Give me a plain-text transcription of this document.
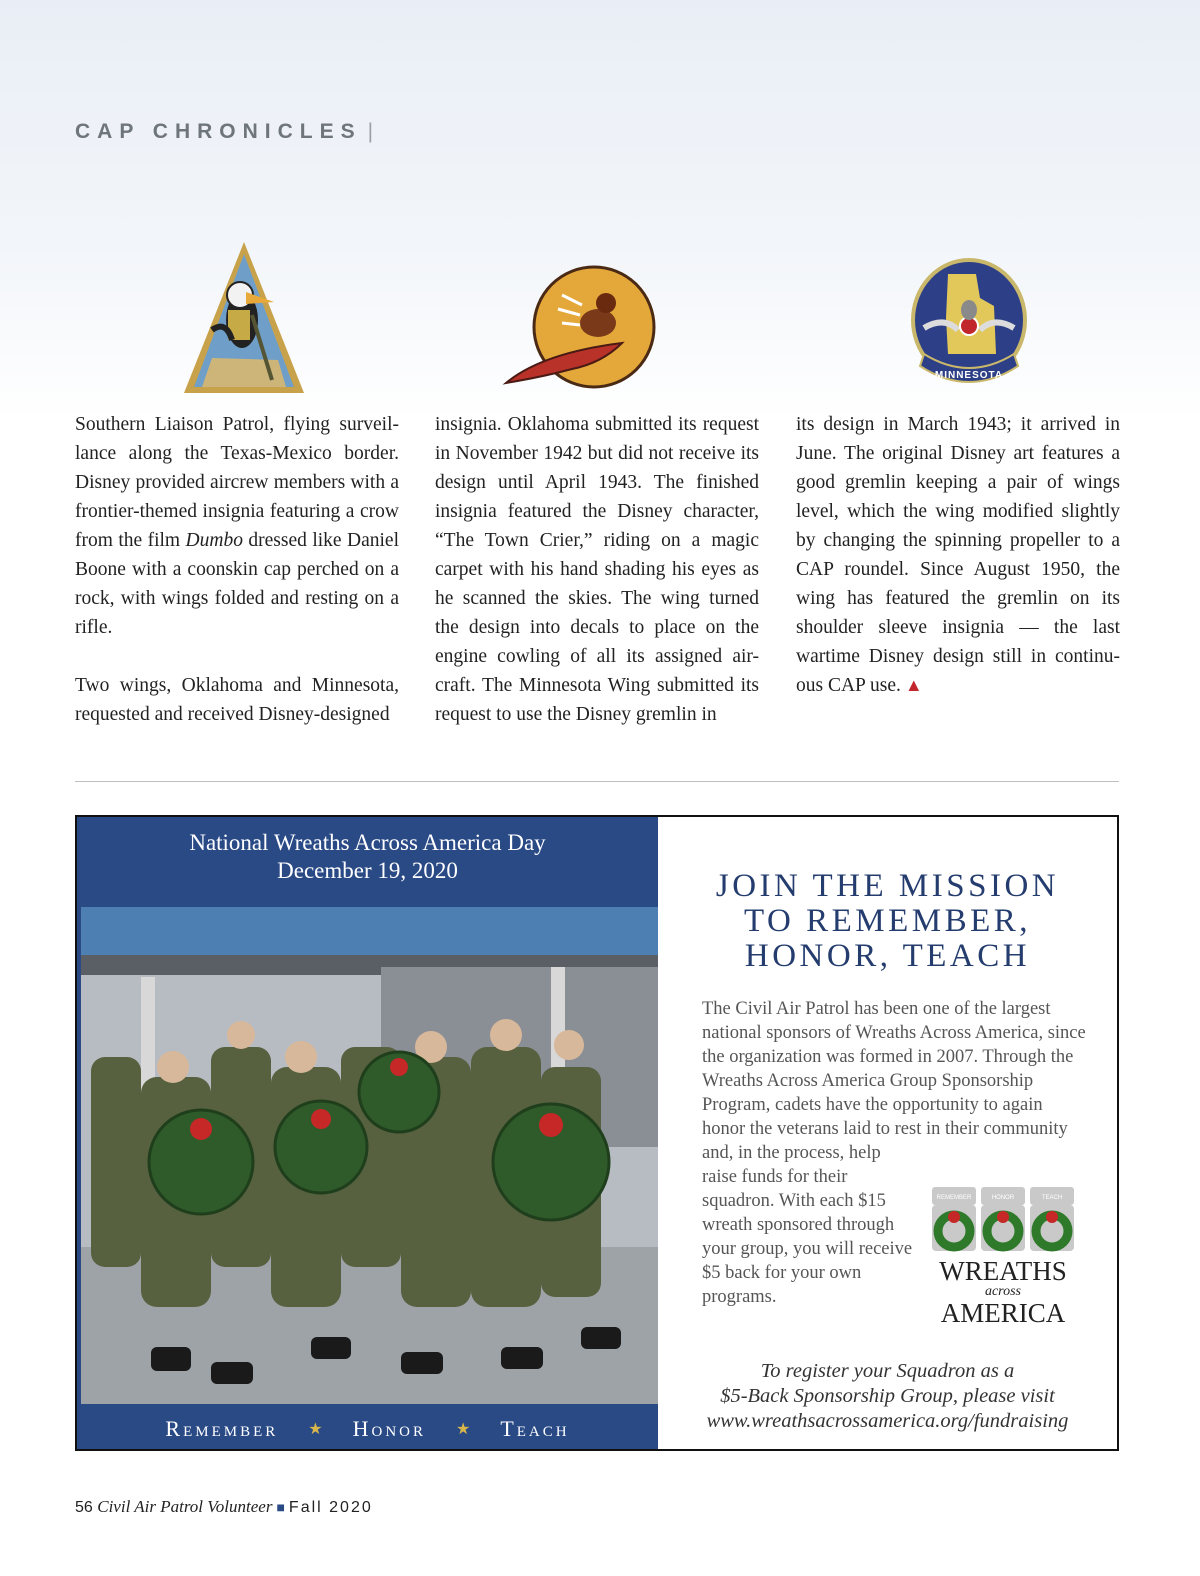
CAP CHRONICLES |
MINNESOTA

Southern Liaison Patrol, flying surveil-lance along the Texas-Mexico border. Disney provided aircrew members with a frontier-themed insignia featuring a crow from the film Dumbo dressed like Daniel Boone with a coonskin cap perched on a rock, with wings folded and resting on a rifle.

Two wings, Oklahoma and Minnesota, requested and received Disney-designed

insignia. Oklahoma submitted its request in November 1942 but did not receive its design until April 1943. The finished insignia featured the Disney character, “The Town Crier,” riding on a magic carpet with his hand shading his eyes as he scanned the skies. The wing turned the design into decals to place on the engine cowling of all its assigned air-craft. The Minnesota Wing submitted its request to use the Disney gremlin in

its design in March 1943; it arrived in June. The original Disney art features a good gremlin keeping a pair of wings level, which the wing modified slightly by changing the spinning propeller to a CAP roundel. Since August 1950, the wing has featured the gremlin on its shoulder sleeve insignia — the last wartime Disney design still in continu-ous CAP use. ▲

National Wreaths Across America Day
December 19, 2020
Remember ★ Honor ★ Teach
JOIN THE MISSION
TO REMEMBER,
HONOR, TEACH
The Civil Air Patrol has been one of the largest national sponsors of Wreaths Across America, since the organization was formed in 2007. Through the Wreaths Across America Group Sponsorship Program, cadets have the opportunity to again honor the veterans laid to rest in their community
and, in the process, help raise funds for their squadron. With each $15 wreath sponsored through your group, you will receive $5 back for your own programs.
REMEMBER	HONOR	TEACH
WREATHS
across
AMERICA
To register your Squadron as a
$5-Back Sponsorship Group, please visit
www.wreathsacrossamerica.org/fundraising
56 Civil Air Patrol Volunteer ■ Fall 2020
